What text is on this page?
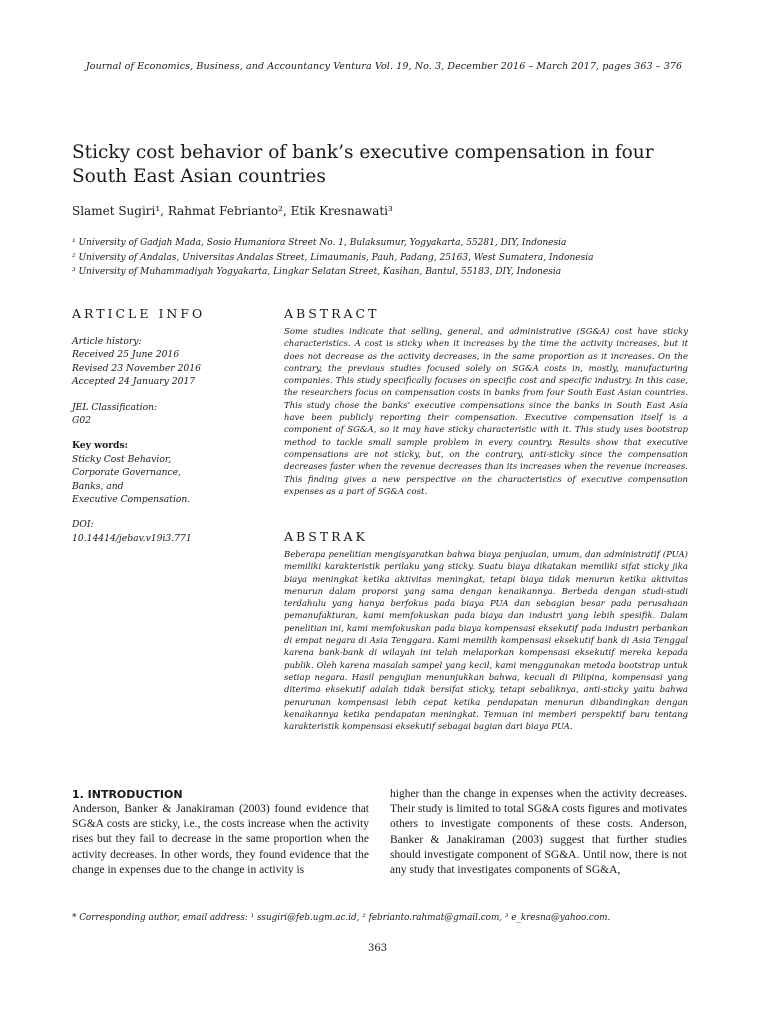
Journal of Economics, Business, and Accountancy Ventura Vol. 19, No. 3, December 2016 – March 2017, pages 363 – 376
Sticky cost behavior of bank’s executive compensation in four South East Asian countries
Slamet Sugiri¹, Rahmat Febrianto², Etik Kresnawati³
¹ University of Gadjah Mada, Sosio Humaniora Street No. 1, Bulaksumur, Yogyakarta, 55281, DIY, Indonesia
² University of Andalas, Universitas Andalas Street, Limaumanis, Pauh, Padang, 25163, West Sumatera, Indonesia
³ University of Muhammadiyah Yogyakarta, Lingkar Selatan Street, Kasihan, Bantul, 55183, DIY, Indonesia
ARTICLE INFO
Article history:
Received 25 June 2016
Revised 23 November 2016
Accepted 24 January 2017
JEL Classification:
G02
Key words:
Sticky Cost Behavior,
Corporate Governance,
Banks, and
Executive Compensation.
DOI:
10.14414/jebav.v19i3.771
ABSTRACT

Some studies indicate that selling, general, and administrative (SG&A) cost have sticky characteristics. A cost is sticky when it increases by the time the activity increases, but it does not decrease as the activity decreases, in the same proportion as it increases. On the contrary, the previous studies focused solely on SG&A costs in, mostly, manufacturing companies. This study specifically focuses on specific cost and specific industry. In this case, the researchers focus on compensation costs in banks from four South East Asian countries. This study chose the banks’ executive compensations since the banks in South East Asia have been publicly reporting their compensation. Executive compensation itself is a component of SG&A, so it may have sticky characteristic with it. This study uses bootstrap method to tackle small sample problem in every country. Results show that executive compensations are not sticky, but, on the contrary, anti-sticky since the compensation decreases faster when the revenue decreases than its increases when the revenue increases. This finding gives a new perspective on the characteristics of executive compensation expenses as a part of SG&A cost.

ABSTRAK

Beberapa penelitian mengisyaratkan bahwa biaya penjualan, umum, dan administratif (PUA) memiliki karakteristik perilaku yang sticky. Suatu biaya dikatakan memiliki sifat sticky jika biaya meningkat ketika aktivitas meningkat, tetapi biaya tidak menurun ketika aktivitas menurun dalam proporsi yang sama dengan kenaikannya. Berbeda dengan studi-studi terdahulu yang hanya berfokus pada biaya PUA dan sebagian besar pada perusahaan pemanufakturan, kami memfokuskan pada biaya dan industri yang lebih spesifik. Dalam penelitian ini, kami memfokuskan pada biaya kompensasi eksekutif pada industri perbankan di empat negara di Asia Tenggara. Kami memilih kompensasi eksekutif bank di Asia Tenggal karena bank-bank di wilayah ini telah melaporkan kompensasi eksekutif mereka kepada publik. Oleh karena masalah sampel yang kecil, kami menggunakan metoda bootstrap untuk setiap negara. Hasil pengujian menunjukkan bahwa, kecuali di Pilipina, kompensasi yang diterima eksekutif adalah tidak bersifat sticky, tetapi sebaliknya, anti-sticky yaitu bahwa penurunan kompensasi lebih cepat ketika pendapatan menurun dibandingkan dengan kenaikannya ketika pendapatan meningkat. Temuan ini memberi perspektif baru tentang karakteristik kompensasi eksekutif sebagai bagian dari biaya PUA.

1. INTRODUCTION

Anderson, Banker & Janakiraman (2003) found evidence that SG&A costs are sticky, i.e., the costs increase when the activity rises but they fail to decrease in the same proportion when the activity decreases. In other words, they found evidence that the change in expenses due to the change in activity is

higher than the change in expenses when the activity decreases. Their study is limited to total SG&A costs figures and motivates others to investigate components of these costs. Anderson, Banker & Janakiraman (2003) suggest that further studies should investigate component of SG&A. Until now, there is not any study that investigates components of SG&A,

* Corresponding author, email address: ¹ ssugiri@feb.ugm.ac.id, ² febrianto.rahmat@gmail.com, ³ e_kresna@yahoo.com.
363
